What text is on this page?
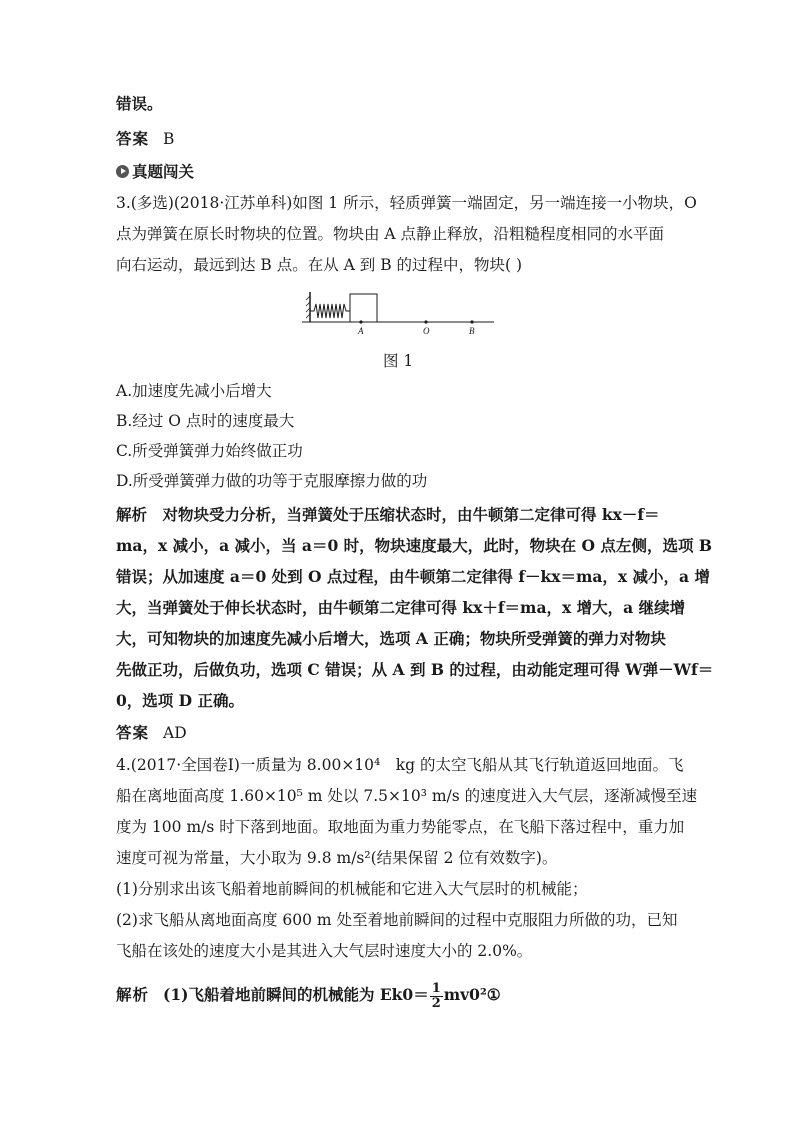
错误。
答案 B
真题闯关
3.(多选)(2018·江苏单科)如图 1 所示，轻质弹簧一端固定，另一端连接一小物块，O
点为弹簧在原长时物块的位置。物块由 A 点静止释放，沿粗糙程度相同的水平面
向右运动，最远到达 B 点。在从 A 到 B 的过程中，物块( )
A	O	B
图 1
A.加速度先减小后增大
B.经过 O 点时的速度最大
C.所受弹簧弹力始终做正功
D.所受弹簧弹力做的功等于克服摩擦力做的功
解析　对物块受力分析，当弹簧处于压缩状态时，由牛顿第二定律可得 kx－f＝
ma，x 减小，a 减小，当 a＝0 时，物块速度最大，此时，物块在 O 点左侧，选项 B
错误；从加速度 a＝0 处到 O 点过程，由牛顿第二定律得 f－kx＝ma，x 减小，a 增
大，当弹簧处于伸长状态时，由牛顿第二定律可得 kx＋f＝ma，x 增大，a 继续增
大，可知物块的加速度先减小后增大，选项 A 正确；物块所受弹簧的弹力对物块
先做正功，后做负功，选项 C 错误；从 A 到 B 的过程，由动能定理可得 W弹－Wf＝
0，选项 D 正确。
答案 AD
4.(2017·全国卷Ⅰ)一质量为 8.00×10⁴　kg 的太空飞船从其飞行轨道返回地面。飞
船在离地面高度 1.60×10⁵ m 处以 7.5×10³ m/s 的速度进入大气层，逐渐减慢至速
度为 100 m/s 时下落到地面。取地面为重力势能零点，在飞船下落过程中，重力加
速度可视为常量，大小取为 9.8 m/s²(结果保留 2 位有效数字)。
(1)分别求出该飞船着地前瞬间的机械能和它进入大气层时的机械能；
(2)求飞船从离地面高度 600 m 处至着地前瞬间的过程中克服阻力所做的功，已知
飞船在该处的速度大小是其进入大气层时速度大小的 2.0%。
解析 (1)飞船着地前瞬间的机械能为 $Ek0= \frac{1}{2}$ mv0²①
